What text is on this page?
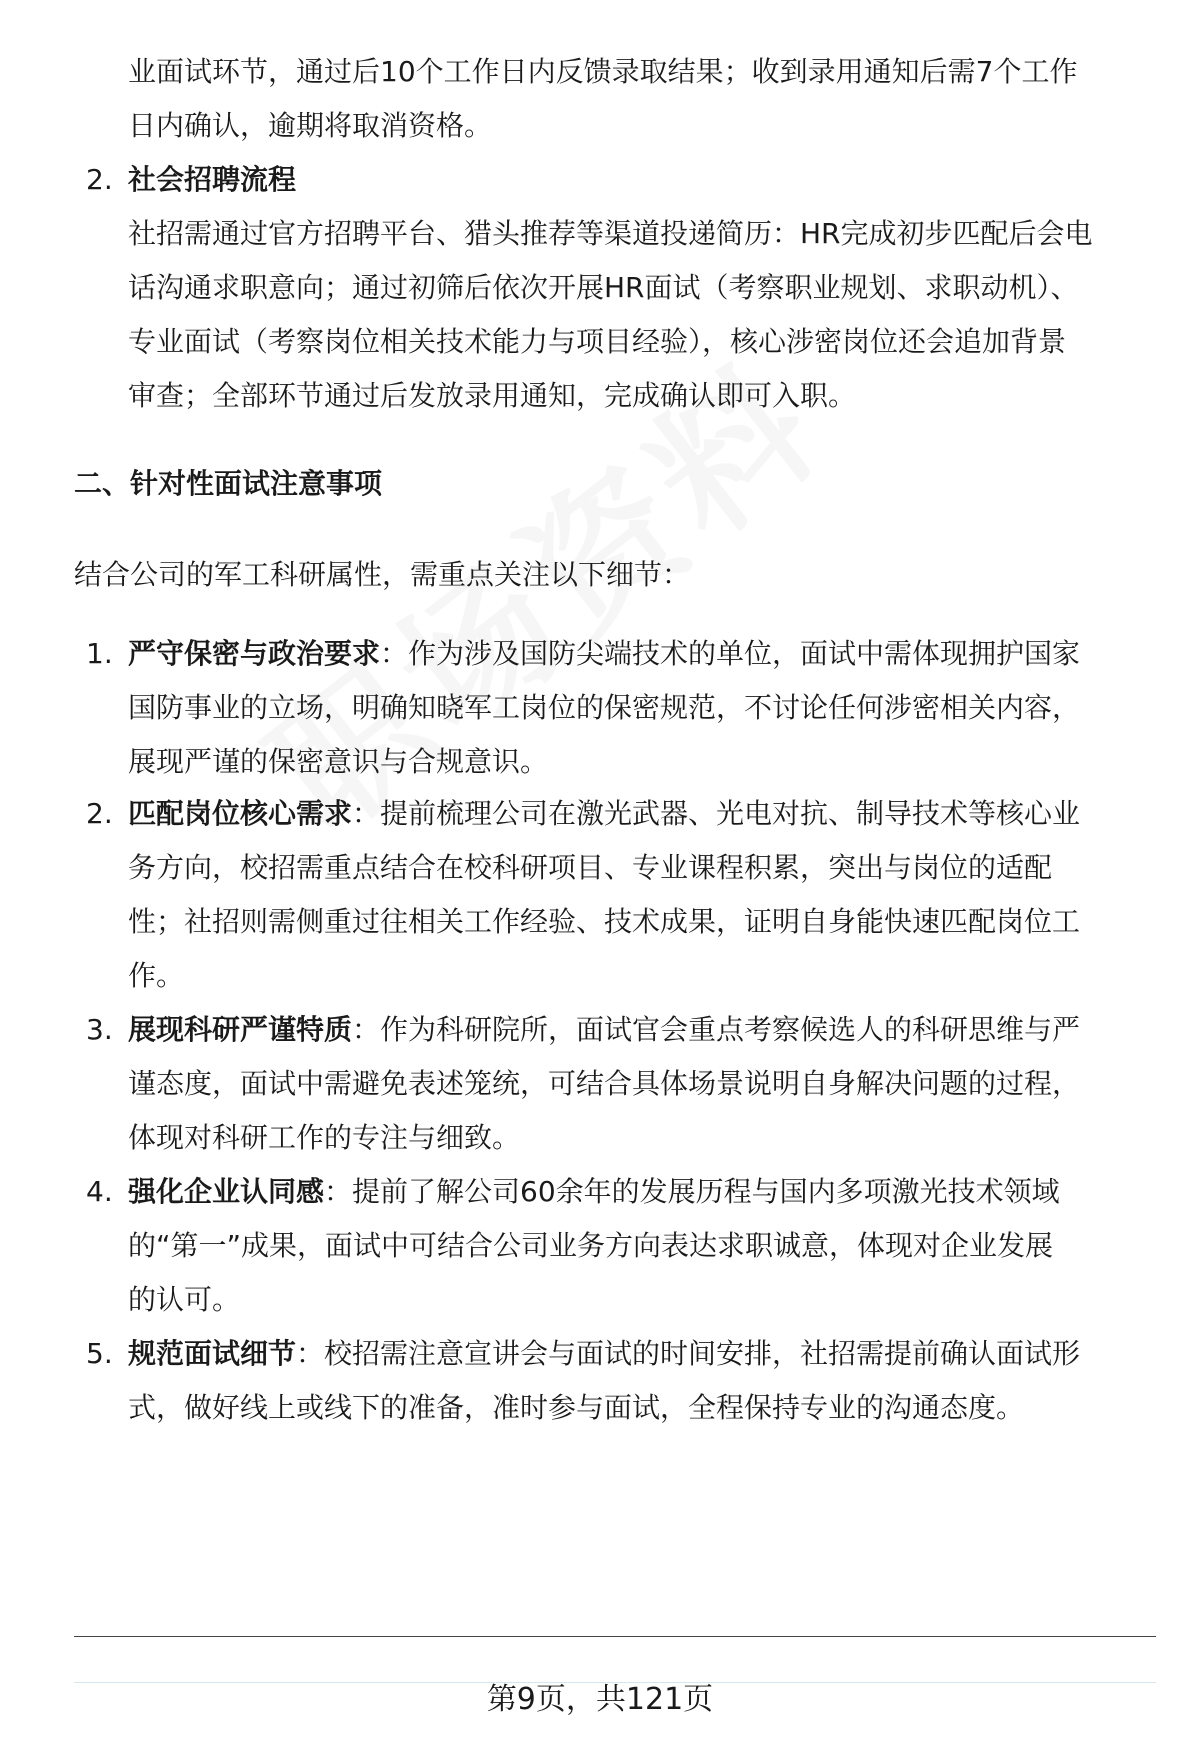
业面试环节，通过后10个工作日内反馈录取结果；收到录用通知后需7个工作
日内确认，逾期将取消资格。
2. 社会招聘流程
社招需通过官方招聘平台、猎头推荐等渠道投递简历：HR完成初步匹配后会电
话沟通求职意向；通过初筛后依次开展HR面试（考察职业规划、求职动机）、
专业面试（考察岗位相关技术能力与项目经验），核心涉密岗位还会追加背景
审查；全部环节通过后发放录用通知，完成确认即可入职。
二、针对性面试注意事项
结合公司的军工科研属性，需重点关注以下细节：
1. 严守保密与政治要求：作为涉及国防尖端技术的单位，面试中需体现拥护国家
国防事业的立场，明确知晓军工岗位的保密规范，不讨论任何涉密相关内容，
展现严谨的保密意识与合规意识。
2. 匹配岗位核心需求：提前梳理公司在激光武器、光电对抗、制导技术等核心业
务方向，校招需重点结合在校科研项目、专业课程积累，突出与岗位的适配
性；社招则需侧重过往相关工作经验、技术成果，证明自身能快速匹配岗位工
作。
3. 展现科研严谨特质：作为科研院所，面试官会重点考察候选人的科研思维与严
谨态度，面试中需避免表述笼统，可结合具体场景说明自身解决问题的过程，
体现对科研工作的专注与细致。
4. 强化企业认同感：提前了解公司60余年的发展历程与国内多项激光技术领域
的“第一”成果，面试中可结合公司业务方向表达求职诚意，体现对企业发展
的认可。
5. 规范面试细节：校招需注意宣讲会与面试的时间安排，社招需提前确认面试形
式，做好线上或线下的准备，准时参与面试，全程保持专业的沟通态度。
第9页，共121页
